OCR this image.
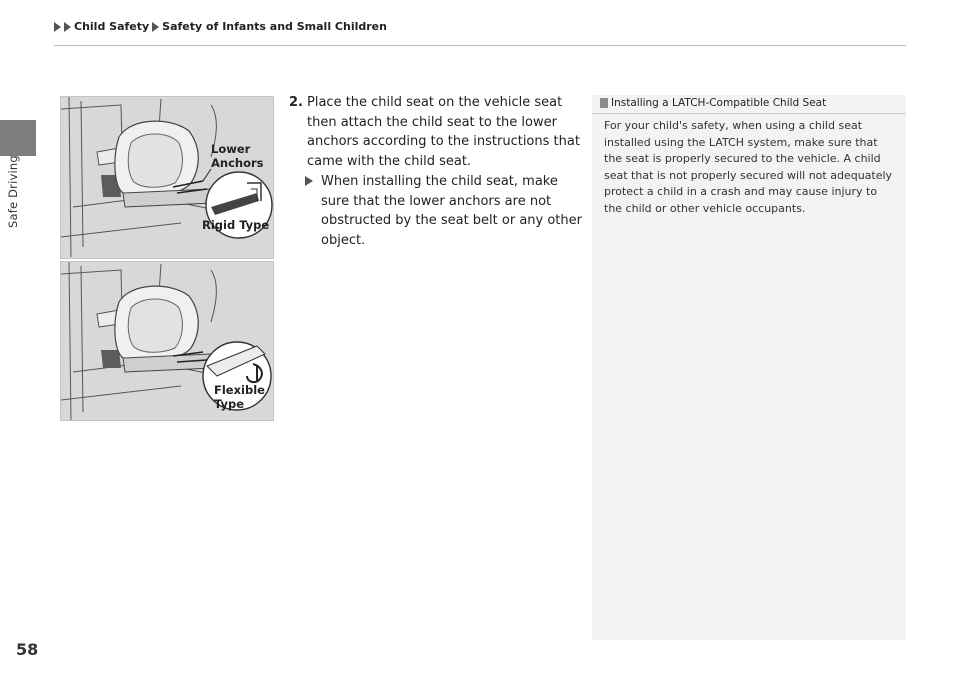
Child Safety Safety of Infants and Small Children
Safe Driving
58
Lower
Anchors
Rigid Type
Flexible
Type
2. Place the child seat on the vehicle seat then attach the child seat to the lower anchors according to the instructions that came with the child seat.
When installing the child seat, make sure that the lower anchors are not obstructed by the seat belt or any other object.
Installing a LATCH-Compatible Child Seat
For your child's safety, when using a child seat installed using the LATCH system, make sure that the seat is properly secured to the vehicle. A child seat that is not properly secured will not adequately protect a child in a crash and may cause injury to the child or other vehicle occupants.
